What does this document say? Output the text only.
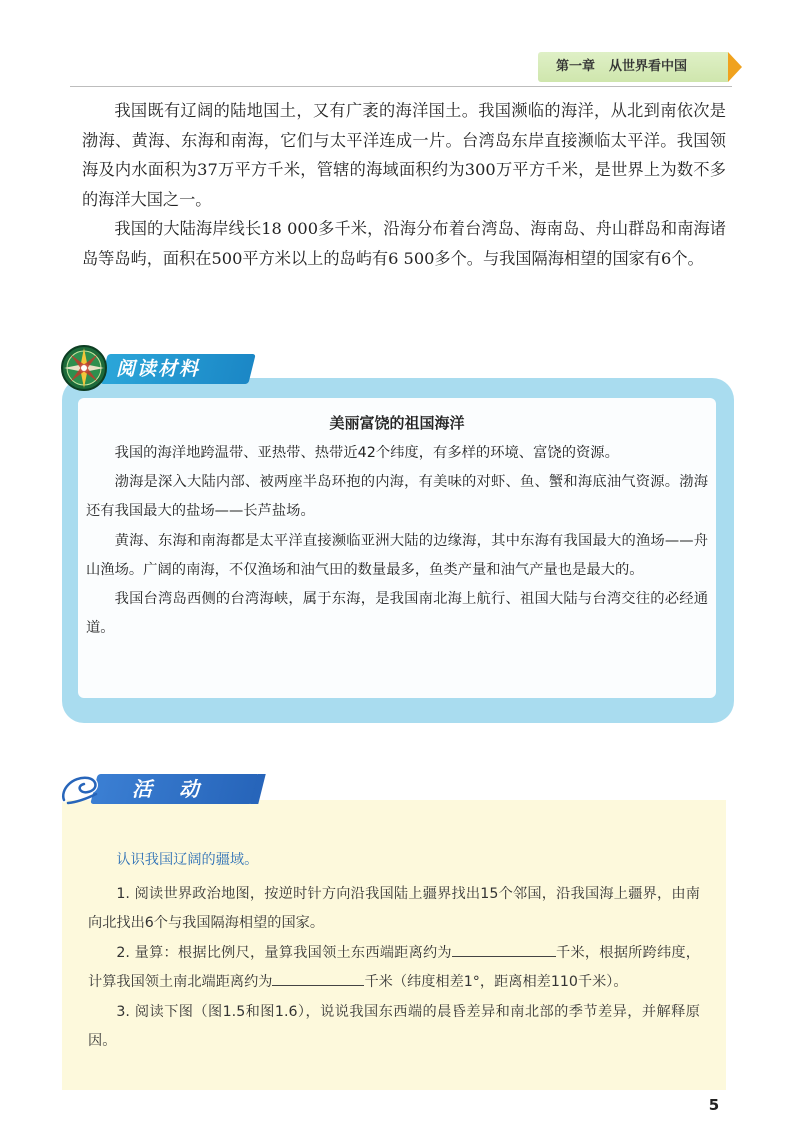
第一章 从世界看中国

我国既有辽阔的陆地国土，又有广袤的海洋国土。我国濒临的海洋，从北到南依次是渤海、黄海、东海和南海，它们与太平洋连成一片。台湾岛东岸直接濒临太平洋。我国领海及内水面积为37万平方千米，管辖的海域面积约为300万平方千米，是世界上为数不多的海洋大国之一。

我国的大陆海岸线长18 000多千米，沿海分布着台湾岛、海南岛、舟山群岛和南海诸岛等岛屿，面积在500平方米以上的岛屿有6 500多个。与我国隔海相望的国家有6个。

阅读材料
美丽富饶的祖国海洋

我国的海洋地跨温带、亚热带、热带近42个纬度，有多样的环境、富饶的资源。

渤海是深入大陆内部、被两座半岛环抱的内海，有美味的对虾、鱼、蟹和海底油气资源。渤海还有我国最大的盐场——长芦盐场。

黄海、东海和南海都是太平洋直接濒临亚洲大陆的边缘海，其中东海有我国最大的渔场——舟山渔场。广阔的南海，不仅渔场和油气田的数量最多，鱼类产量和油气产量也是最大的。

我国台湾岛西侧的台湾海峡，属于东海，是我国南北海上航行、祖国大陆与台湾交往的必经通道。

活 动

认识我国辽阔的疆域。

1. 阅读世界政治地图，按逆时针方向沿我国陆上疆界找出15个邻国，沿我国海上疆界，由南向北找出6个与我国隔海相望的国家。

2. 量算：根据比例尺，量算我国领土东西端距离约为	千米，根据所跨纬度，计算我国领土南北端距离约为	千米（纬度相差1°，距离相差110千米）。

3. 阅读下图（图1.5和图1.6），说说我国东西端的晨昏差异和南北部的季节差异，并解释原因。

5
